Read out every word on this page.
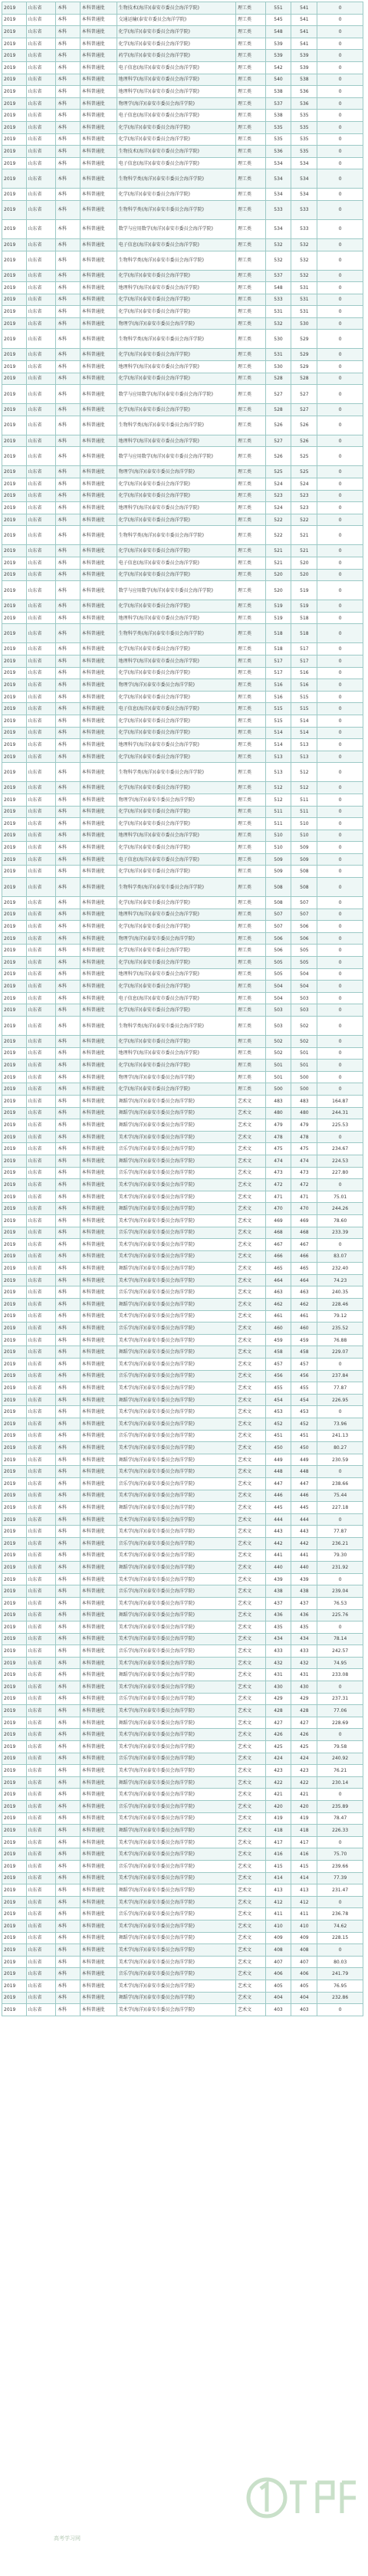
2019	山东省	本科	本科普通批	生物技术(海洋)(泰安市委员会海洋学院)	理工类	551	541	0
2019	山东省	本科	本科普通批	交通运输(泰安市委员会海洋学院)	理工类	545	541	0
2019	山东省	本科	本科普通批	化学(海洋)(泰安市委员会海洋学院)	理工类	548	541	0
2019	山东省	本科	本科普通批	化学(海洋)(泰安市委员会海洋学院)	理工类	539	541	0
2019	山东省	本科	本科普通批	药学(海洋)(泰安市委员会海洋学院)	理工类	539	539	0
2019	山东省	本科	本科普通批	电子信息(海洋)(泰安市委员会海洋学院)	理工类	542	539	0
2019	山东省	本科	本科普通批	地理科学(海洋)(泰安市委员会海洋学院)	理工类	540	538	0
2019	山东省	本科	本科普通批	地理科学(海洋)(泰安市委员会海洋学院)	理工类	538	536	0
2019	山东省	本科	本科普通批	物理学(海洋)(泰安市委员会海洋学院)	理工类	537	536	0
2019	山东省	本科	本科普通批	电子信息(海洋)(泰安市委员会海洋学院)	理工类	538	535	0
2019	山东省	本科	本科普通批	化学(海洋)(泰安市委员会海洋学院)	理工类	535	535	0
2019	山东省	本科	本科普通批	化学(海洋)(泰安市委员会海洋学院)	理工类	535	535	0
2019	山东省	本科	本科普通批	生物技术(海洋)(泰安市委员会海洋学院)	理工类	536	535	0
2019	山东省	本科	本科普通批	电子信息(海洋)(泰安市委员会海洋学院)	理工类	534	534	0
2019	山东省	本科	本科普通批	生物科学类(海洋)(泰安市委员会海洋学院)	理工类	534	534	0
2019	山东省	本科	本科普通批	化学(海洋)(泰安市委员会海洋学院)	理工类	534	534	0
2019	山东省	本科	本科普通批	生物科学类(海洋)(泰安市委员会海洋学院)	理工类	533	533	0
2019	山东省	本科	本科普通批	数学与应用数学(海洋)(泰安市委员会海洋学院)	理工类	534	533	0
2019	山东省	本科	本科普通批	电子信息(海洋)(泰安市委员会海洋学院)	理工类	532	532	0
2019	山东省	本科	本科普通批	生物科学类(海洋)(泰安市委员会海洋学院)	理工类	532	532	0
2019	山东省	本科	本科普通批	化学(海洋)(泰安市委员会海洋学院)	理工类	537	532	0
2019	山东省	本科	本科普通批	地理科学(海洋)(泰安市委员会海洋学院)	理工类	548	531	0
2019	山东省	本科	本科普通批	化学(海洋)(泰安市委员会海洋学院)	理工类	533	531	0
2019	山东省	本科	本科普通批	化学(海洋)(泰安市委员会海洋学院)	理工类	531	531	0
2019	山东省	本科	本科普通批	物理学(海洋)(泰安市委员会海洋学院)	理工类	532	530	0
2019	山东省	本科	本科普通批	生物科学类(海洋)(泰安市委员会海洋学院)	理工类	530	529	0
2019	山东省	本科	本科普通批	化学(海洋)(泰安市委员会海洋学院)	理工类	531	529	0
2019	山东省	本科	本科普通批	地理科学(海洋)(泰安市委员会海洋学院)	理工类	530	529	0
2019	山东省	本科	本科普通批	化学(海洋)(泰安市委员会海洋学院)	理工类	528	528	0
2019	山东省	本科	本科普通批	数学与应用数学(海洋)(泰安市委员会海洋学院)	理工类	527	527	0
2019	山东省	本科	本科普通批	化学(海洋)(泰安市委员会海洋学院)	理工类	528	527	0
2019	山东省	本科	本科普通批	生物科学类(海洋)(泰安市委员会海洋学院)	理工类	526	526	0
2019	山东省	本科	本科普通批	地理科学(海洋)(泰安市委员会海洋学院)	理工类	527	526	0
2019	山东省	本科	本科普通批	数学与应用数学(海洋)(泰安市委员会海洋学院)	理工类	526	525	0
2019	山东省	本科	本科普通批	物理学(海洋)(泰安市委员会海洋学院)	理工类	525	525	0
2019	山东省	本科	本科普通批	化学(海洋)(泰安市委员会海洋学院)	理工类	524	524	0
2019	山东省	本科	本科普通批	化学(海洋)(泰安市委员会海洋学院)	理工类	523	523	0
2019	山东省	本科	本科普通批	地理科学(海洋)(泰安市委员会海洋学院)	理工类	524	523	0
2019	山东省	本科	本科普通批	化学(海洋)(泰安市委员会海洋学院)	理工类	522	522	0
2019	山东省	本科	本科普通批	生物科学类(海洋)(泰安市委员会海洋学院)	理工类	522	521	0
2019	山东省	本科	本科普通批	化学(海洋)(泰安市委员会海洋学院)	理工类	521	521	0
2019	山东省	本科	本科普通批	电子信息(海洋)(泰安市委员会海洋学院)	理工类	521	520	0
2019	山东省	本科	本科普通批	化学(海洋)(泰安市委员会海洋学院)	理工类	520	520	0
2019	山东省	本科	本科普通批	数学与应用数学(海洋)(泰安市委员会海洋学院)	理工类	520	519	0
2019	山东省	本科	本科普通批	化学(海洋)(泰安市委员会海洋学院)	理工类	519	519	0
2019	山东省	本科	本科普通批	地理科学(海洋)(泰安市委员会海洋学院)	理工类	519	518	0
2019	山东省	本科	本科普通批	生物科学类(海洋)(泰安市委员会海洋学院)	理工类	518	518	0
2019	山东省	本科	本科普通批	化学(海洋)(泰安市委员会海洋学院)	理工类	518	517	0
2019	山东省	本科	本科普通批	地理科学(海洋)(泰安市委员会海洋学院)	理工类	517	517	0
2019	山东省	本科	本科普通批	化学(海洋)(泰安市委员会海洋学院)	理工类	517	516	0
2019	山东省	本科	本科普通批	物理学(海洋)(泰安市委员会海洋学院)	理工类	516	516	0
2019	山东省	本科	本科普通批	化学(海洋)(泰安市委员会海洋学院)	理工类	516	515	0
2019	山东省	本科	本科普通批	电子信息(海洋)(泰安市委员会海洋学院)	理工类	515	515	0
2019	山东省	本科	本科普通批	化学(海洋)(泰安市委员会海洋学院)	理工类	515	514	0
2019	山东省	本科	本科普通批	化学(海洋)(泰安市委员会海洋学院)	理工类	514	514	0
2019	山东省	本科	本科普通批	地理科学(海洋)(泰安市委员会海洋学院)	理工类	514	513	0
2019	山东省	本科	本科普通批	化学(海洋)(泰安市委员会海洋学院)	理工类	513	513	0
2019	山东省	本科	本科普通批	生物科学类(海洋)(泰安市委员会海洋学院)	理工类	513	512	0
2019	山东省	本科	本科普通批	化学(海洋)(泰安市委员会海洋学院)	理工类	512	512	0
2019	山东省	本科	本科普通批	物理学(海洋)(泰安市委员会海洋学院)	理工类	512	511	0
2019	山东省	本科	本科普通批	化学(海洋)(泰安市委员会海洋学院)	理工类	511	511	0
2019	山东省	本科	本科普通批	化学(海洋)(泰安市委员会海洋学院)	理工类	511	510	0
2019	山东省	本科	本科普通批	地理科学(海洋)(泰安市委员会海洋学院)	理工类	510	510	0
2019	山东省	本科	本科普通批	化学(海洋)(泰安市委员会海洋学院)	理工类	510	509	0
2019	山东省	本科	本科普通批	电子信息(海洋)(泰安市委员会海洋学院)	理工类	509	509	0
2019	山东省	本科	本科普通批	化学(海洋)(泰安市委员会海洋学院)	理工类	509	508	0
2019	山东省	本科	本科普通批	生物科学类(海洋)(泰安市委员会海洋学院)	理工类	508	508	0
2019	山东省	本科	本科普通批	化学(海洋)(泰安市委员会海洋学院)	理工类	508	507	0
2019	山东省	本科	本科普通批	地理科学(海洋)(泰安市委员会海洋学院)	理工类	507	507	0
2019	山东省	本科	本科普通批	化学(海洋)(泰安市委员会海洋学院)	理工类	507	506	0
2019	山东省	本科	本科普通批	物理学(海洋)(泰安市委员会海洋学院)	理工类	506	506	0
2019	山东省	本科	本科普通批	化学(海洋)(泰安市委员会海洋学院)	理工类	506	505	0
2019	山东省	本科	本科普通批	化学(海洋)(泰安市委员会海洋学院)	理工类	505	505	0
2019	山东省	本科	本科普通批	地理科学(海洋)(泰安市委员会海洋学院)	理工类	505	504	0
2019	山东省	本科	本科普通批	化学(海洋)(泰安市委员会海洋学院)	理工类	504	504	0
2019	山东省	本科	本科普通批	电子信息(海洋)(泰安市委员会海洋学院)	理工类	504	503	0
2019	山东省	本科	本科普通批	化学(海洋)(泰安市委员会海洋学院)	理工类	503	503	0
2019	山东省	本科	本科普通批	生物科学类(海洋)(泰安市委员会海洋学院)	理工类	503	502	0
2019	山东省	本科	本科普通批	化学(海洋)(泰安市委员会海洋学院)	理工类	502	502	0
2019	山东省	本科	本科普通批	地理科学(海洋)(泰安市委员会海洋学院)	理工类	502	501	0
2019	山东省	本科	本科普通批	化学(海洋)(泰安市委员会海洋学院)	理工类	501	501	0
2019	山东省	本科	本科普通批	物理学(海洋)(泰安市委员会海洋学院)	理工类	501	500	0
2019	山东省	本科	本科普通批	化学(海洋)(泰安市委员会海洋学院)	理工类	500	500	0
2019	山东省	本科	本科普通批	舞蹈学(海洋)(泰安市委员会海洋学院)	艺术文	483	483	164.87
2019	山东省	本科	本科普通批	舞蹈学(海洋)(泰安市委员会海洋学院)	艺术文	480	480	244.31
2019	山东省	本科	本科普通批	舞蹈学(海洋)(泰安市委员会海洋学院)	艺术文	479	479	225.53
2019	山东省	本科	本科普通批	美术学(海洋)(泰安市委员会海洋学院)	艺术文	478	478	0
2019	山东省	本科	本科普通批	音乐学(海洋)(泰安市委员会海洋学院)	艺术文	475	475	234.67
2019	山东省	本科	本科普通批	舞蹈学(海洋)(泰安市委员会海洋学院)	艺术文	474	474	224.53
2019	山东省	本科	本科普通批	音乐学(海洋)(泰安市委员会海洋学院)	艺术文	473	473	227.80
2019	山东省	本科	本科普通批	美术学(海洋)(泰安市委员会海洋学院)	艺术文	472	472	0
2019	山东省	本科	本科普通批	美术学(海洋)(泰安市委员会海洋学院)	艺术文	471	471	75.01
2019	山东省	本科	本科普通批	舞蹈学(海洋)(泰安市委员会海洋学院)	艺术文	470	470	244.26
2019	山东省	本科	本科普通批	美术学(海洋)(泰安市委员会海洋学院)	艺术文	469	469	78.60
2019	山东省	本科	本科普通批	音乐学(海洋)(泰安市委员会海洋学院)	艺术文	468	468	233.39
2019	山东省	本科	本科普通批	美术学(海洋)(泰安市委员会海洋学院)	艺术文	467	467	0
2019	山东省	本科	本科普通批	美术学(海洋)(泰安市委员会海洋学院)	艺术文	466	466	83.07
2019	山东省	本科	本科普通批	舞蹈学(海洋)(泰安市委员会海洋学院)	艺术文	465	465	232.40
2019	山东省	本科	本科普通批	美术学(海洋)(泰安市委员会海洋学院)	艺术文	464	464	74.23
2019	山东省	本科	本科普通批	音乐学(海洋)(泰安市委员会海洋学院)	艺术文	463	463	240.35
2019	山东省	本科	本科普通批	舞蹈学(海洋)(泰安市委员会海洋学院)	艺术文	462	462	228.46
2019	山东省	本科	本科普通批	美术学(海洋)(泰安市委员会海洋学院)	艺术文	461	461	79.12
2019	山东省	本科	本科普通批	音乐学(海洋)(泰安市委员会海洋学院)	艺术文	460	460	235.52
2019	山东省	本科	本科普通批	美术学(海洋)(泰安市委员会海洋学院)	艺术文	459	459	76.88
2019	山东省	本科	本科普通批	舞蹈学(海洋)(泰安市委员会海洋学院)	艺术文	458	458	229.07
2019	山东省	本科	本科普通批	美术学(海洋)(泰安市委员会海洋学院)	艺术文	457	457	0
2019	山东省	本科	本科普通批	音乐学(海洋)(泰安市委员会海洋学院)	艺术文	456	456	237.84
2019	山东省	本科	本科普通批	美术学(海洋)(泰安市委员会海洋学院)	艺术文	455	455	77.87
2019	山东省	本科	本科普通批	舞蹈学(海洋)(泰安市委员会海洋学院)	艺术文	454	454	226.95
2019	山东省	本科	本科普通批	美术学(海洋)(泰安市委员会海洋学院)	艺术文	453	453	0
2019	山东省	本科	本科普通批	美术学(海洋)(泰安市委员会海洋学院)	艺术文	452	452	73.96
2019	山东省	本科	本科普通批	音乐学(海洋)(泰安市委员会海洋学院)	艺术文	451	451	241.13
2019	山东省	本科	本科普通批	美术学(海洋)(泰安市委员会海洋学院)	艺术文	450	450	80.27
2019	山东省	本科	本科普通批	舞蹈学(海洋)(泰安市委员会海洋学院)	艺术文	449	449	230.59
2019	山东省	本科	本科普通批	美术学(海洋)(泰安市委员会海洋学院)	艺术文	448	448	0
2019	山东省	本科	本科普通批	音乐学(海洋)(泰安市委员会海洋学院)	艺术文	447	447	238.66
2019	山东省	本科	本科普通批	美术学(海洋)(泰安市委员会海洋学院)	艺术文	446	446	75.44
2019	山东省	本科	本科普通批	舞蹈学(海洋)(泰安市委员会海洋学院)	艺术文	445	445	227.18
2019	山东省	本科	本科普通批	美术学(海洋)(泰安市委员会海洋学院)	艺术文	444	444	0
2019	山东省	本科	本科普通批	美术学(海洋)(泰安市委员会海洋学院)	艺术文	443	443	77.87
2019	山东省	本科	本科普通批	音乐学(海洋)(泰安市委员会海洋学院)	艺术文	442	442	236.21
2019	山东省	本科	本科普通批	美术学(海洋)(泰安市委员会海洋学院)	艺术文	441	441	79.30
2019	山东省	本科	本科普通批	舞蹈学(海洋)(泰安市委员会海洋学院)	艺术文	440	440	231.92
2019	山东省	本科	本科普通批	美术学(海洋)(泰安市委员会海洋学院)	艺术文	439	439	0
2019	山东省	本科	本科普通批	音乐学(海洋)(泰安市委员会海洋学院)	艺术文	438	438	239.04
2019	山东省	本科	本科普通批	美术学(海洋)(泰安市委员会海洋学院)	艺术文	437	437	76.53
2019	山东省	本科	本科普通批	舞蹈学(海洋)(泰安市委员会海洋学院)	艺术文	436	436	225.76
2019	山东省	本科	本科普通批	美术学(海洋)(泰安市委员会海洋学院)	艺术文	435	435	0
2019	山东省	本科	本科普通批	美术学(海洋)(泰安市委员会海洋学院)	艺术文	434	434	78.14
2019	山东省	本科	本科普通批	音乐学(海洋)(泰安市委员会海洋学院)	艺术文	433	433	242.57
2019	山东省	本科	本科普通批	美术学(海洋)(泰安市委员会海洋学院)	艺术文	432	432	74.95
2019	山东省	本科	本科普通批	舞蹈学(海洋)(泰安市委员会海洋学院)	艺术文	431	431	233.08
2019	山东省	本科	本科普通批	美术学(海洋)(泰安市委员会海洋学院)	艺术文	430	430	0
2019	山东省	本科	本科普通批	音乐学(海洋)(泰安市委员会海洋学院)	艺术文	429	429	237.31
2019	山东省	本科	本科普通批	美术学(海洋)(泰安市委员会海洋学院)	艺术文	428	428	77.06
2019	山东省	本科	本科普通批	舞蹈学(海洋)(泰安市委员会海洋学院)	艺术文	427	427	228.69
2019	山东省	本科	本科普通批	美术学(海洋)(泰安市委员会海洋学院)	艺术文	426	426	0
2019	山东省	本科	本科普通批	美术学(海洋)(泰安市委员会海洋学院)	艺术文	425	425	79.58
2019	山东省	本科	本科普通批	音乐学(海洋)(泰安市委员会海洋学院)	艺术文	424	424	240.92
2019	山东省	本科	本科普通批	美术学(海洋)(泰安市委员会海洋学院)	艺术文	423	423	76.21
2019	山东省	本科	本科普通批	舞蹈学(海洋)(泰安市委员会海洋学院)	艺术文	422	422	230.14
2019	山东省	本科	本科普通批	美术学(海洋)(泰安市委员会海洋学院)	艺术文	421	421	0
2019	山东省	本科	本科普通批	音乐学(海洋)(泰安市委员会海洋学院)	艺术文	420	420	235.89
2019	山东省	本科	本科普通批	美术学(海洋)(泰安市委员会海洋学院)	艺术文	419	419	78.47
2019	山东省	本科	本科普通批	舞蹈学(海洋)(泰安市委员会海洋学院)	艺术文	418	418	226.33
2019	山东省	本科	本科普通批	美术学(海洋)(泰安市委员会海洋学院)	艺术文	417	417	0
2019	山东省	本科	本科普通批	美术学(海洋)(泰安市委员会海洋学院)	艺术文	416	416	75.70
2019	山东省	本科	本科普通批	音乐学(海洋)(泰安市委员会海洋学院)	艺术文	415	415	239.66
2019	山东省	本科	本科普通批	美术学(海洋)(泰安市委员会海洋学院)	艺术文	414	414	77.39
2019	山东省	本科	本科普通批	舞蹈学(海洋)(泰安市委员会海洋学院)	艺术文	413	413	231.47
2019	山东省	本科	本科普通批	美术学(海洋)(泰安市委员会海洋学院)	艺术文	412	412	0
2019	山东省	本科	本科普通批	音乐学(海洋)(泰安市委员会海洋学院)	艺术文	411	411	236.78
2019	山东省	本科	本科普通批	美术学(海洋)(泰安市委员会海洋学院)	艺术文	410	410	74.62
2019	山东省	本科	本科普通批	舞蹈学(海洋)(泰安市委员会海洋学院)	艺术文	409	409	228.15
2019	山东省	本科	本科普通批	美术学(海洋)(泰安市委员会海洋学院)	艺术文	408	408	0
2019	山东省	本科	本科普通批	美术学(海洋)(泰安市委员会海洋学院)	艺术文	407	407	80.03
2019	山东省	本科	本科普通批	音乐学(海洋)(泰安市委员会海洋学院)	艺术文	406	406	241.79
2019	山东省	本科	本科普通批	美术学(海洋)(泰安市委员会海洋学院)	艺术文	405	405	76.95
2019	山东省	本科	本科普通批	舞蹈学(海洋)(泰安市委员会海洋学院)	艺术文	404	404	232.86
2019	山东省	本科	本科普通批	美术学(海洋)(泰安市委员会海洋学院)	艺术文	403	403	0
高考学习网
